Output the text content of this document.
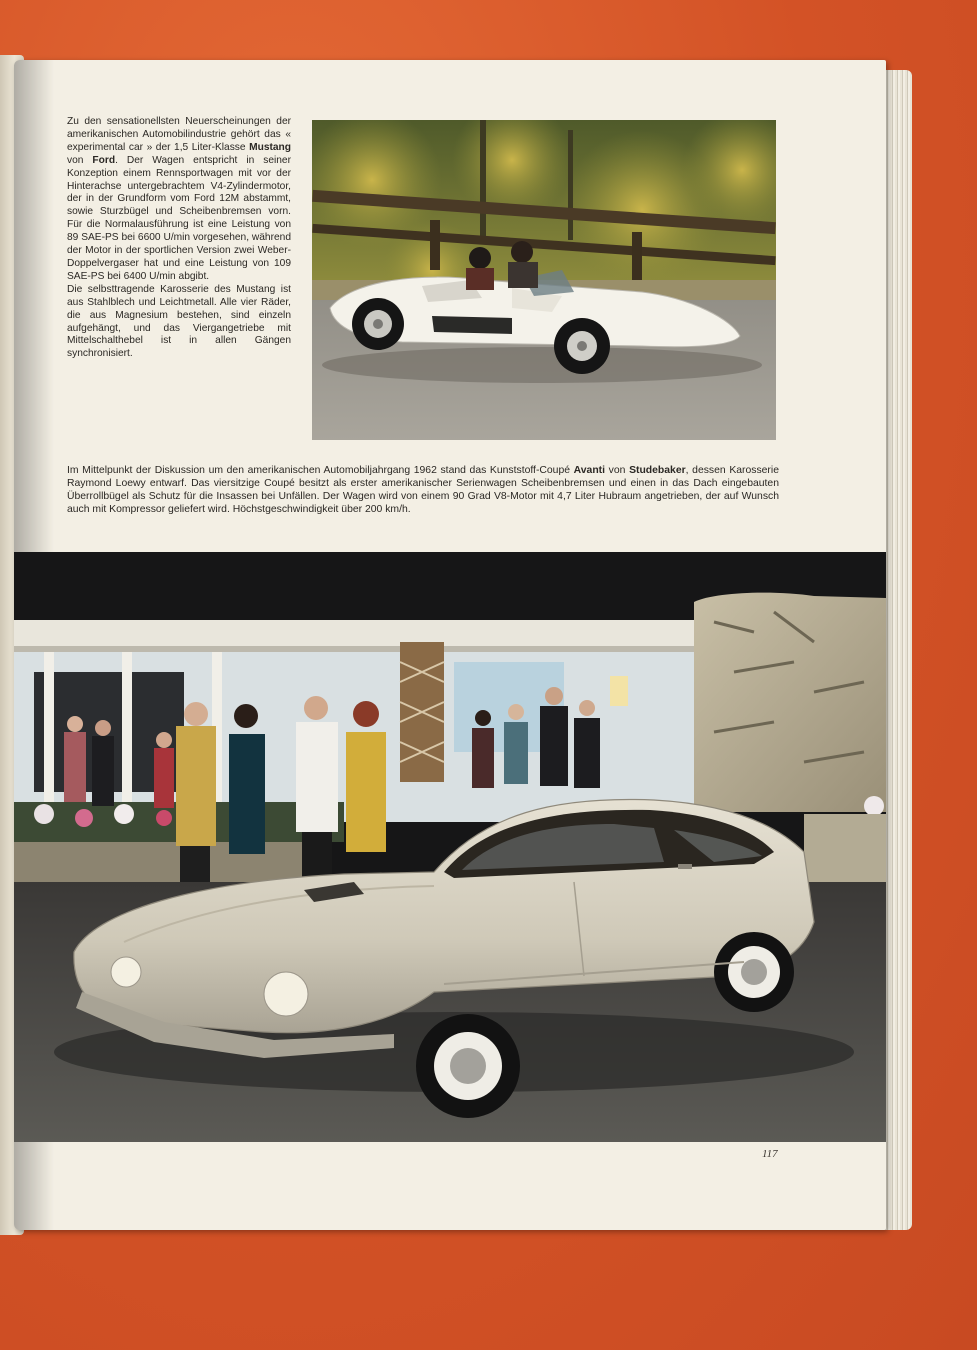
Zu den sensationellsten Neuerscheinungen der amerikanischen Automobilindustrie gehört das « experimental car » der 1,5 Liter-Klasse Mustang von Ford. Der Wagen entspricht in seiner Konzeption einem Rennsportwagen mit vor der Hinterachse untergebrachtem V4-Zylindermotor, der in der Grundform vom Ford 12M abstammt, sowie Sturzbügel und Scheibenbremsen vorn. Für die Normalausführung ist eine Leistung von 89 SAE-PS bei 6600 U/min vorgesehen, während der Motor in der sportlichen Version zwei Weber-Doppelvergaser hat und eine Leistung von 109 SAE-PS bei 6400 U/min abgibt.
Die selbsttragende Karosserie des Mustang ist aus Stahlblech und Leichtmetall. Alle vier Räder, die aus Magnesium bestehen, sind einzeln aufgehängt, und das Viergangetriebe mit Mittelschalthebel ist in allen Gängen synchronisiert.

Im Mittelpunkt der Diskussion um den amerikanischen Automobiljahrgang 1962 stand das Kunststoff-Coupé Avanti von Studebaker, dessen Karosserie Raymond Loewy entwarf. Das viersitzige Coupé besitzt als erster amerikanischer Serienwagen Scheibenbremsen und einen in das Dach eingebauten Überrollbügel als Schutz für die Insassen bei Unfällen. Der Wagen wird von einem 90 Grad V8-Motor mit 4,7 Liter Hubraum angetrieben, der auf Wunsch auch mit Kompressor geliefert wird. Höchstgeschwindigkeit über 200 km/h.

117
